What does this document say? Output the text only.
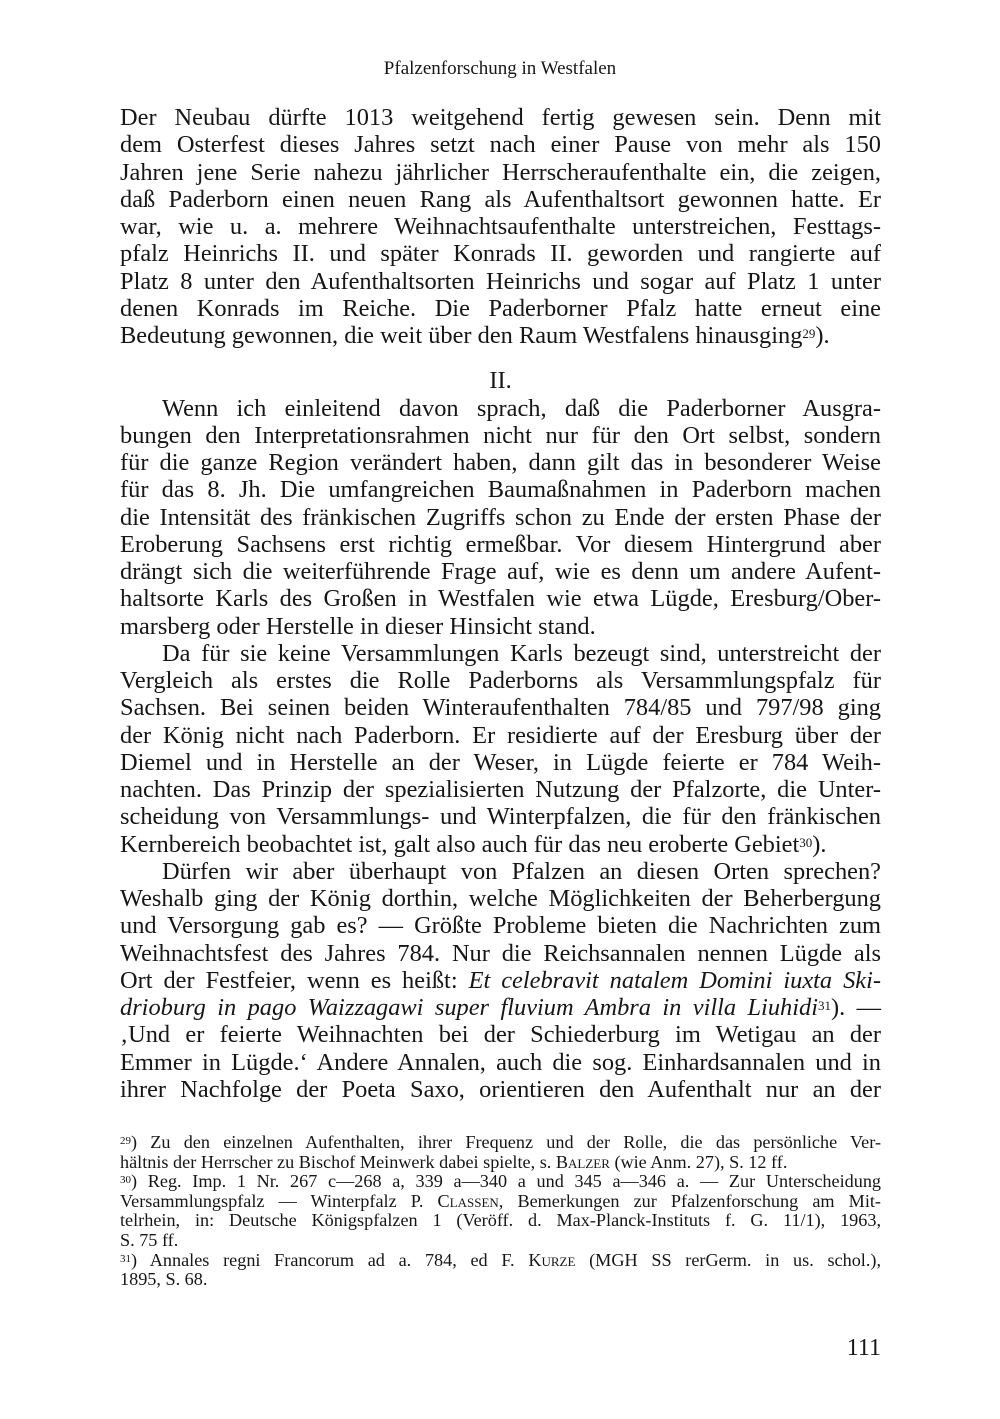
Pfalzenforschung in Westfalen
Der Neubau dürfte 1013 weitgehend fertig gewesen sein. Denn mit
dem Osterfest dieses Jahres setzt nach einer Pause von mehr als 150
Jahren jene Serie nahezu jährlicher Herrscheraufenthalte ein, die zeigen,
daß Paderborn einen neuen Rang als Aufenthaltsort gewonnen hatte. Er
war, wie u. a. mehrere Weihnachtsaufenthalte unterstreichen, Festtags-
pfalz Heinrichs II. und später Konrads II. geworden und rangierte auf
Platz 8 unter den Aufenthaltsorten Heinrichs und sogar auf Platz 1 unter
denen Konrads im Reiche. Die Paderborner Pfalz hatte erneut eine
Bedeutung gewonnen, die weit über den Raum Westfalens hinausging$^{29}$).
II.
Wenn ich einleitend davon sprach, daß die Paderborner Ausgra-
bungen den Interpretationsrahmen nicht nur für den Ort selbst, sondern
für die ganze Region verändert haben, dann gilt das in besonderer Weise
für das 8. Jh. Die umfangreichen Baumaßnahmen in Paderborn machen
die Intensität des fränkischen Zugriffs schon zu Ende der ersten Phase der
Eroberung Sachsens erst richtig ermeßbar. Vor diesem Hintergrund aber
drängt sich die weiterführende Frage auf, wie es denn um andere Aufent-
haltsorte Karls des Großen in Westfalen wie etwa Lügde, Eresburg/Ober-
marsberg oder Herstelle in dieser Hinsicht stand.
Da für sie keine Versammlungen Karls bezeugt sind, unterstreicht der
Vergleich als erstes die Rolle Paderborns als Versammlungspfalz für
Sachsen. Bei seinen beiden Winteraufenthalten 784/85 und 797/98 ging
der König nicht nach Paderborn. Er residierte auf der Eresburg über der
Diemel und in Herstelle an der Weser, in Lügde feierte er 784 Weih-
nachten. Das Prinzip der spezialisierten Nutzung der Pfalzorte, die Unter-
scheidung von Versammlungs- und Winterpfalzen, die für den fränkischen
Kernbereich beobachtet ist, galt also auch für das neu eroberte Gebiet$^{30}$).
Dürfen wir aber überhaupt von Pfalzen an diesen Orten sprechen?
Weshalb ging der König dorthin, welche Möglichkeiten der Beherbergung
und Versorgung gab es? — Größte Probleme bieten die Nachrichten zum
Weihnachtsfest des Jahres 784. Nur die Reichsannalen nennen Lügde als
Ort der Festfeier, wenn es heißt: Et celebravit natalem Domini iuxta Ski-
drioburg in pago Waizzagawi super fluvium Ambra in villa Liuhidi$^{31}$). —
‚Und er feierte Weihnachten bei der Schiederburg im Wetigau an der
Emmer in Lügde.‘ Andere Annalen, auch die sog. Einhardsannalen und in
ihrer Nachfolge der Poeta Saxo, orientieren den Aufenthalt nur an der
$^{29}$) Zu den einzelnen Aufenthalten, ihrer Frequenz und der Rolle, die das persönliche Ver-
hältnis der Herrscher zu Bischof Meinwerk dabei spielte, s. Balzer (wie Anm. 27), S. 12 ff.
$^{30}$) Reg. Imp. 1 Nr. 267 c—268 a, 339 a—340 a und 345 a—346 a. — Zur Unterscheidung
Versammlungspfalz — Winterpfalz P. Classen, Bemerkungen zur Pfalzenforschung am Mit-
telrhein, in: Deutsche Königspfalzen 1 (Veröff. d. Max-Planck-Instituts f. G. 11/1), 1963,
S. 75 ff.
$^{31}$) Annales regni Francorum ad a. 784, ed F. Kurze (MGH SS rerGerm. in us. schol.),
1895, S. 68.
111
